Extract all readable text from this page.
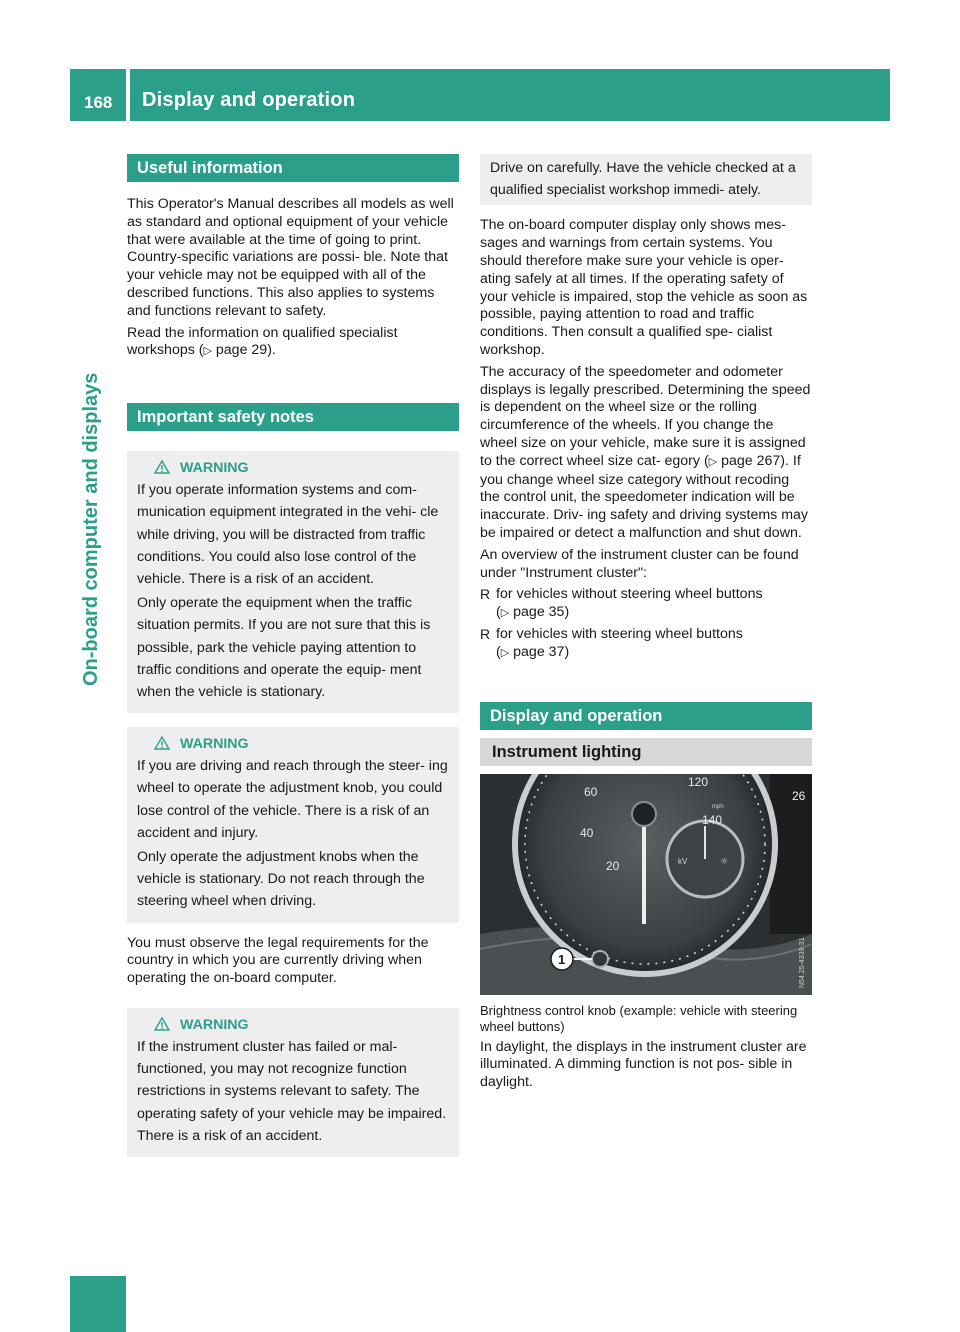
168 Display and operation
On-board computer and displays
Useful information

This Operator's Manual describes all models as well as standard and optional equipment of your vehicle that were available at the time of going to print. Country-specific variations are possi- ble. Note that your vehicle may not be equipped with all of the described functions. This also applies to systems and functions relevant to safety.

Read the information on qualified specialist workshops (▷ page 29).

Important safety notes
WARNING

If you operate information systems and com- munication equipment integrated in the vehi- cle while driving, you will be distracted from traffic conditions. You could also lose control of the vehicle. There is a risk of an accident.

Only operate the equipment when the traffic situation permits. If you are not sure that this is possible, park the vehicle paying attention to traffic conditions and operate the equip- ment when the vehicle is stationary.

WARNING

If you are driving and reach through the steer- ing wheel to operate the adjustment knob, you could lose control of the vehicle. There is a risk of an accident and injury.

Only operate the adjustment knobs when the vehicle is stationary. Do not reach through the steering wheel when driving.

You must observe the legal requirements for the country in which you are currently driving when operating the on-board computer.

WARNING

If the instrument cluster has failed or mal- functioned, you may not recognize function restrictions in systems relevant to safety. The operating safety of your vehicle may be impaired. There is a risk of an accident.

Drive on carefully. Have the vehicle checked at a qualified specialist workshop immedi- ately.

The on-board computer display only shows mes- sages and warnings from certain systems. You should therefore make sure your vehicle is oper- ating safely at all times. If the operating safety of your vehicle is impaired, stop the vehicle as soon as possible, paying attention to road and traffic conditions. Then consult a qualified spe- cialist workshop.

The accuracy of the speedometer and odometer displays is legally prescribed. Determining the speed is dependent on the wheel size or the rolling circumference of the wheels. If you change the wheel size on your vehicle, make sure it is assigned to the correct wheel size cat- egory (▷ page 267). If you change wheel size category without recoding the control unit, the speedometer indication will be inaccurate. Driv- ing safety and driving systems may be impaired or detect a malfunction and shut down.

An overview of the instrument cluster can be found under "Instrument cluster":

R for vehicles without steering wheel buttons
(▷ page 35)
R for vehicles with steering wheel buttons
(▷ page 37)
Display and operation
Instrument lighting
kV	☼
20
40
60
120
140
mph
26
1	N54.25-4339-31

Brightness control knob (example: vehicle with steering wheel buttons)

In daylight, the displays in the instrument cluster are illuminated. A dimming function is not pos- sible in daylight.
